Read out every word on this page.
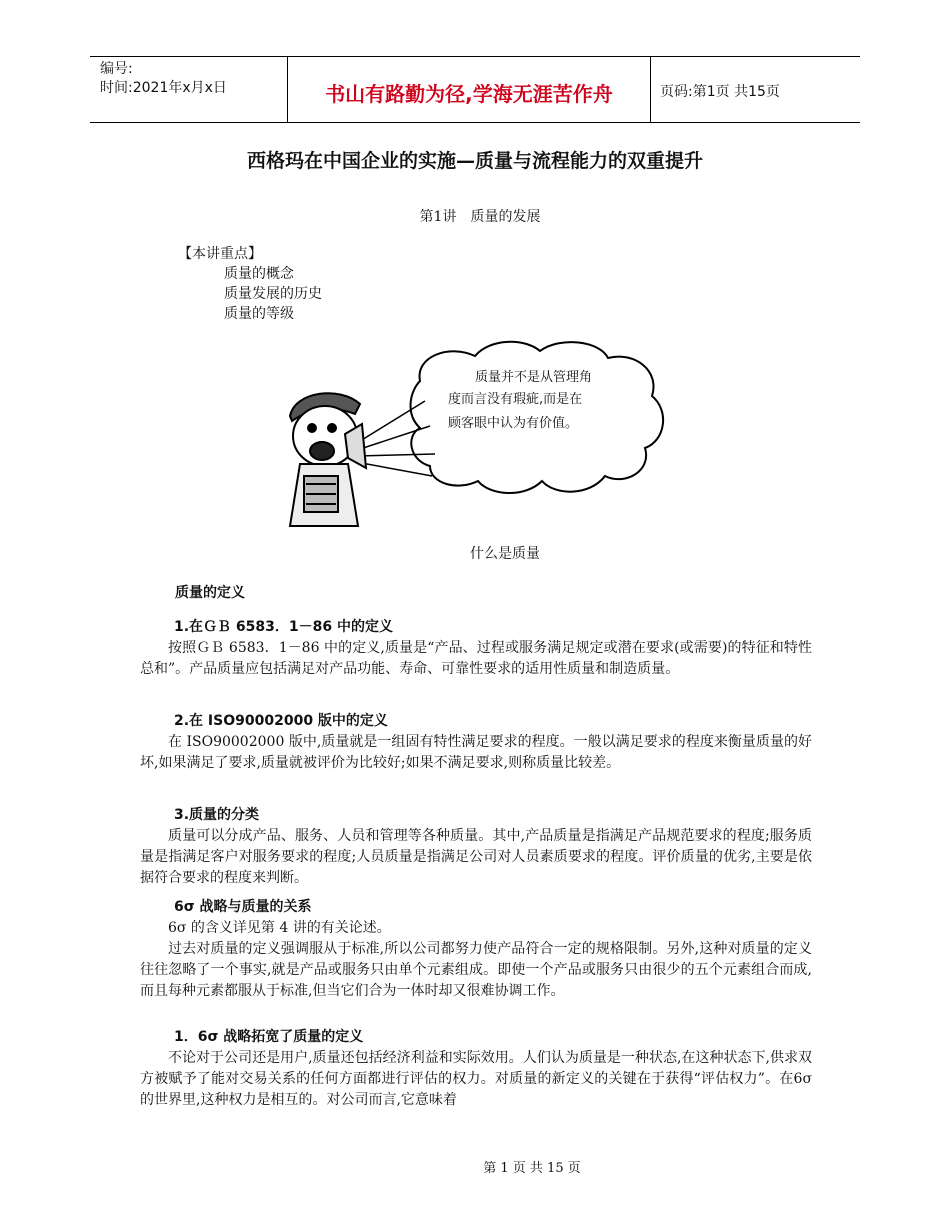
编号:
时间:2021年x月x日	书山有路勤为径,学海无涯苦作舟	页码:第1页 共15页
西格玛在中国企业的实施—质量与流程能力的双重提升
第1讲　质量的发展
【本讲重点】
质量的概念
质量发展的历史
质量的等级
质量并不是从管理角
度而言没有瑕疵,而是在
顾客眼中认为有价值。
什么是质量
质量的定义
1.在ＧＢ 6583．1－86 中的定义

按照ＧＢ 6583．1－86 中的定义,质量是“产品、过程或服务满足规定或潜在要求(或需要)的特征和特性总和”。产品质量应包括满足对产品功能、寿命、可靠性要求的适用性质量和制造质量。

2.在 ISO90002000 版中的定义

在 ISO90002000 版中,质量就是一组固有特性满足要求的程度。一般以满足要求的程度来衡量质量的好坏,如果满足了要求,质量就被评价为比较好;如果不满足要求,则称质量比较差。

3.质量的分类

质量可以分成产品、服务、人员和管理等各种质量。其中,产品质量是指满足产品规范要求的程度;服务质量是指满足客户对服务要求的程度;人员质量是指满足公司对人员素质要求的程度。评价质量的优劣,主要是依据符合要求的程度来判断。

6σ 战略与质量的关系

6σ 的含义详见第 4 讲的有关论述。

过去对质量的定义强调服从于标准,所以公司都努力使产品符合一定的规格限制。另外,这种对质量的定义往往忽略了一个事实,就是产品或服务只由单个元素组成。即使一个产品或服务只由很少的五个元素组合而成,而且每种元素都服从于标准,但当它们合为一体时却又很难协调工作。

1．6σ 战略拓宽了质量的定义

不论对于公司还是用户,质量还包括经济利益和实际效用。人们认为质量是一种状态,在这种状态下,供求双方被赋予了能对交易关系的任何方面都进行评估的权力。对质量的新定义的关键在于获得“评估权力”。在6σ 的世界里,这种权力是相互的。对公司而言,它意味着

第 1 页 共 15 页
